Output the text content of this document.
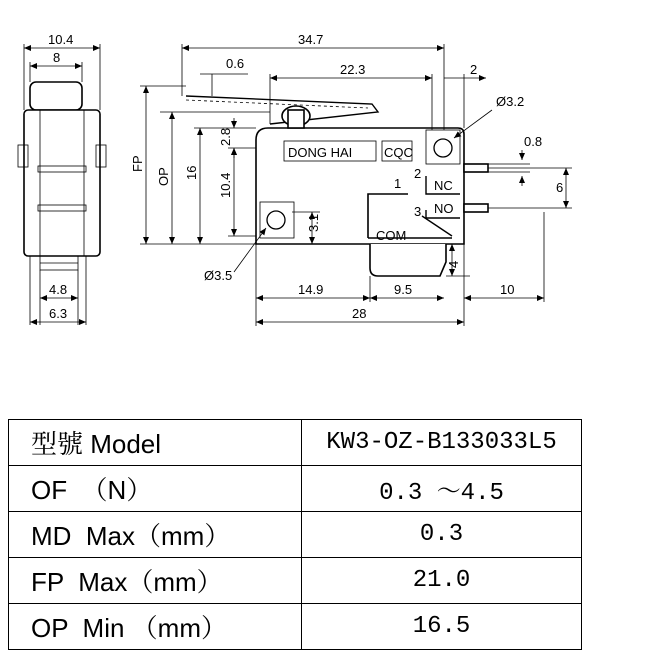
10.4
8
4.8
6.3
DONG HAI CQC
NC
NO
COM
1
2
3
34.7
22.3
0.6	2
Ø3.2
0.8
6
FP
OP 16 10.4
2.8
3.1
Ø3.5
4
14.9	9.5	10
28
型號 Model	KW3-OZ-B133033L5
OF  （N）	0.3 ～4.5
MD  Max（mm）	0.3
FP  Max（mm）	21.0
OP  Min （mm）	16.5
